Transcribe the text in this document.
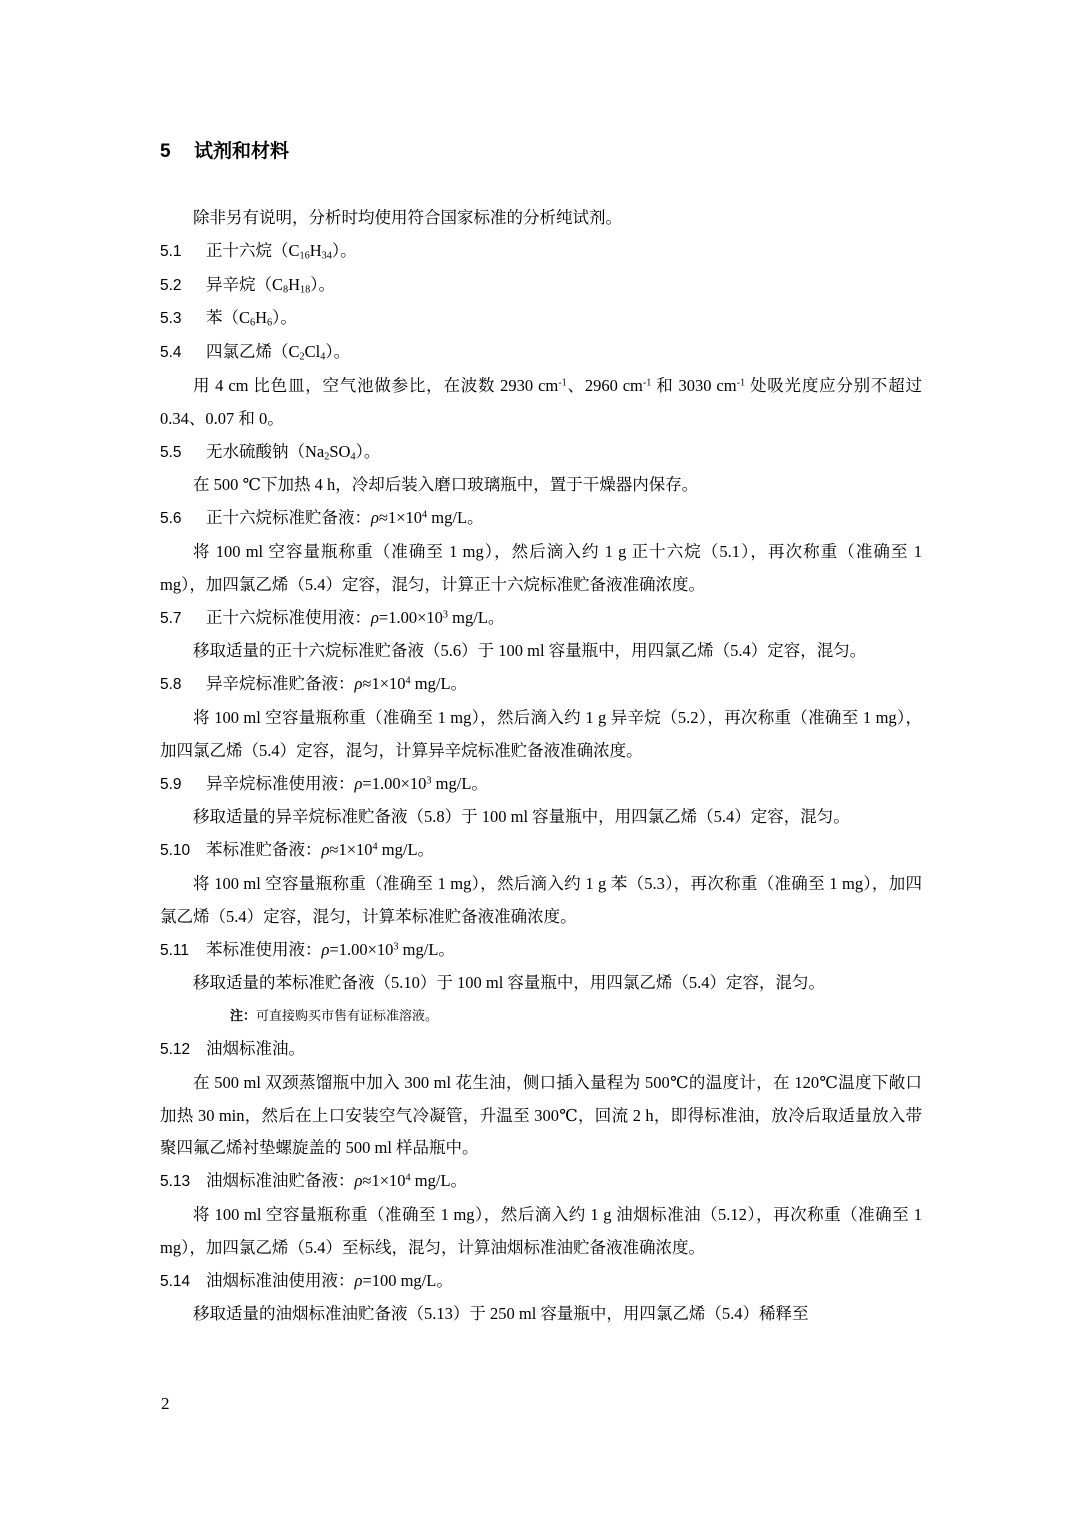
5 试剂和材料
除非另有说明，分析时均使用符合国家标准的分析纯试剂。
5.1 正十六烷$(C_{16}H_{34})$。
5.2 异辛烷$(C_8H_{18})$。
5.3 苯$(C_6H_6)$。
5.4 四氯乙烯$(C_2Cl_4)$。
用 4 cm 比色皿，空气池做参比，在波数 2930 $cm^{-1}$、2960 $cm^{-1}$ 和 3030 $cm^{-1}$ 处吸光度应分别不超过 0.34、0.07 和 0。
5.5 无水硫酸钠$(Na_2SO_4)$。
在 500 ℃下加热 4 h，冷却后装入磨口玻璃瓶中，置于干燥器内保存。
5.6 正十六烷标准贮备液：$\rho\approx 1\times 10^4$ mg/L。
将 100 ml 空容量瓶称重（准确至 1 mg），然后滴入约 1 g 正十六烷（5.1），再次称重（准确至 1 mg），加四氯乙烯（5.4）定容，混匀，计算正十六烷标准贮备液准确浓度。
5.7 正十六烷标准使用液：$\rho=1.00\times 10^3$ mg/L。
移取适量的正十六烷标准贮备液（5.6）于 100 ml 容量瓶中，用四氯乙烯（5.4）定容，混匀。
5.8 异辛烷标准贮备液：$\rho\approx 1\times 10^4$ mg/L。
将 100 ml 空容量瓶称重（准确至 1 mg），然后滴入约 1 g 异辛烷（5.2），再次称重（准确至 1 mg），加四氯乙烯（5.4）定容，混匀，计算异辛烷标准贮备液准确浓度。
5.9 异辛烷标准使用液：$\rho=1.00\times 10^3$ mg/L。
移取适量的异辛烷标准贮备液（5.8）于 100 ml 容量瓶中，用四氯乙烯（5.4）定容，混匀。
5.10 苯标准贮备液：$\rho\approx 1\times 10^4$ mg/L。
将 100 ml 空容量瓶称重（准确至 1 mg），然后滴入约 1 g 苯（5.3），再次称重（准确至 1 mg），加四氯乙烯（5.4）定容，混匀，计算苯标准贮备液准确浓度。
5.11 苯标准使用液：$\rho=1.00\times 10^3$ mg/L。
移取适量的苯标准贮备液（5.10）于 100 ml 容量瓶中，用四氯乙烯（5.4）定容，混匀。
注：可直接购买市售有证标准溶液。
5.12 油烟标准油。
在 500 ml 双颈蒸馏瓶中加入 300 ml 花生油，侧口插入量程为 500℃的温度计，在 120℃温度下敞口加热 30 min，然后在上口安装空气冷凝管，升温至 300℃，回流 2 h，即得标准油，放冷后取适量放入带聚四氟乙烯衬垫螺旋盖的 500 ml 样品瓶中。
5.13 油烟标准油贮备液：$\rho\approx 1\times 10^4$ mg/L。
将 100 ml 空容量瓶称重（准确至 1 mg），然后滴入约 1 g 油烟标准油（5.12），再次称重（准确至 1 mg），加四氯乙烯（5.4）至标线，混匀，计算油烟标准油贮备液准确浓度。
5.14 油烟标准油使用液：ρ=100 mg/L。
移取适量的油烟标准油贮备液（5.13）于 250 ml 容量瓶中，用四氯乙烯（5.4）稀释至
2
